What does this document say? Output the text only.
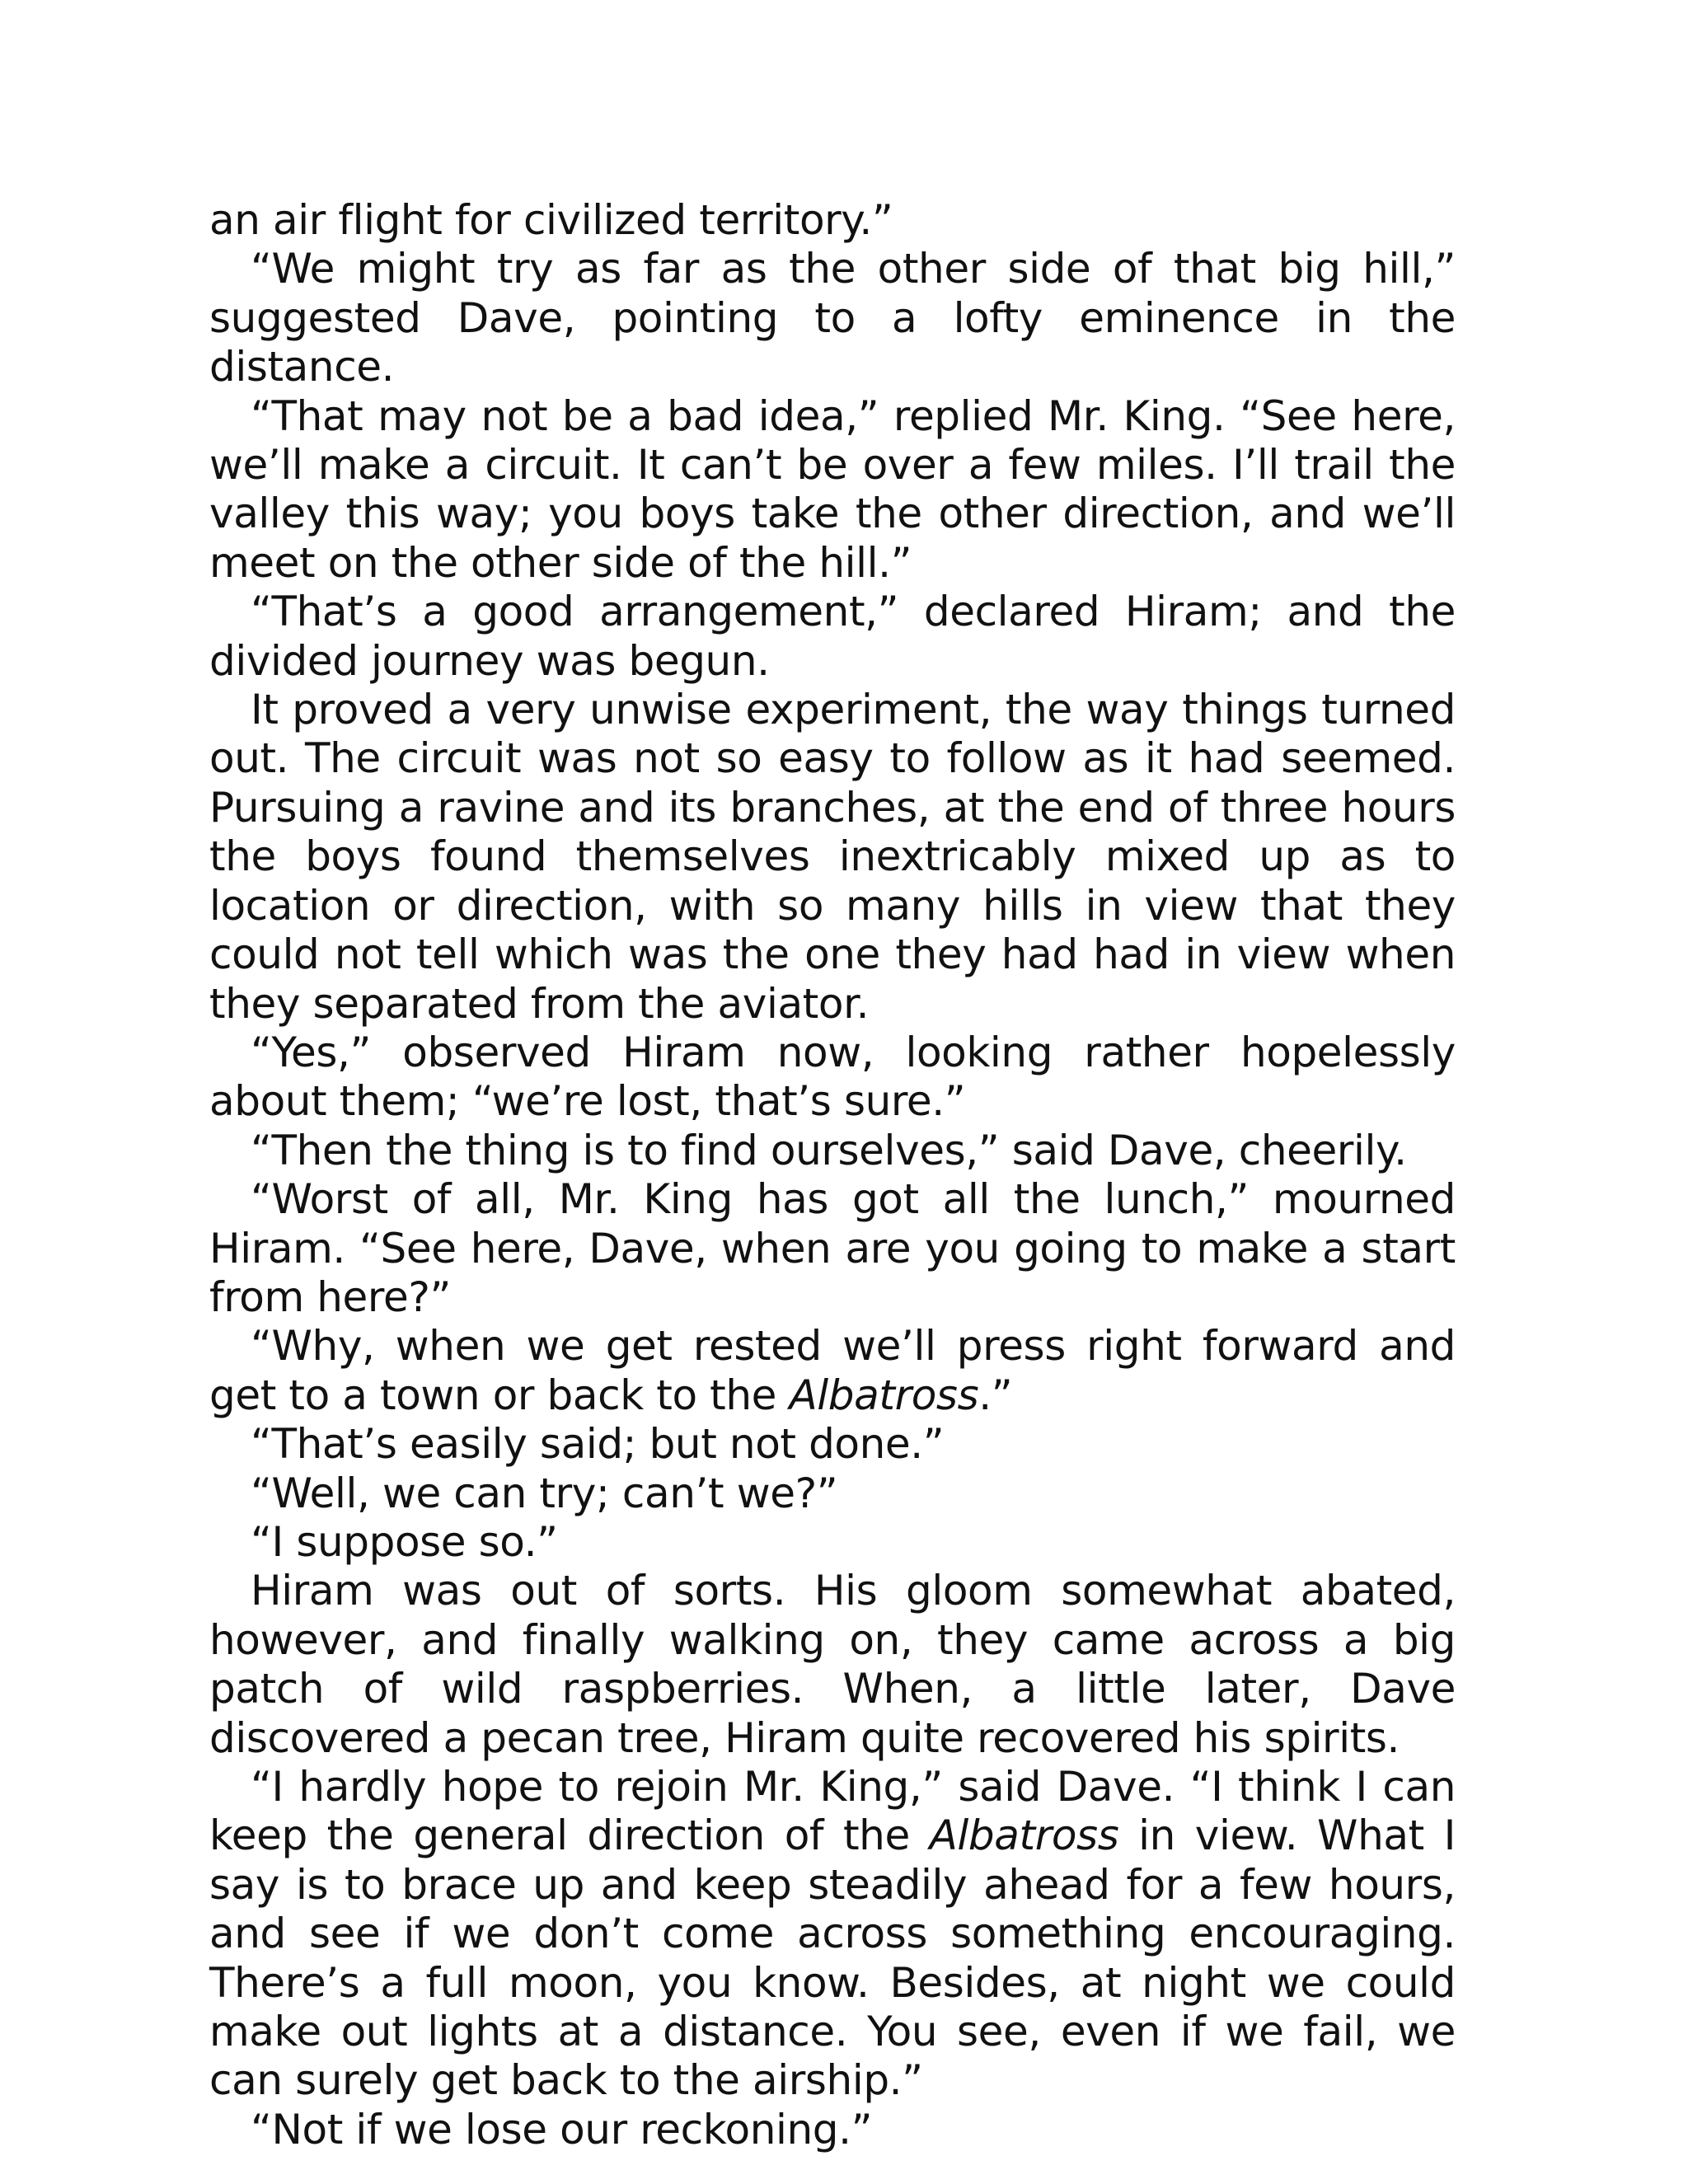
an air flight for civilized territory.”

“We might try as far as the other side of that big hill,” suggested Dave, pointing to a lofty eminence in the distance.

“That may not be a bad idea,” replied Mr. King. “See here, we’ll make a circuit. It can’t be over a few miles. I’ll trail the valley this way; you boys take the other direction, and we’ll meet on the other side of the hill.”

“That’s a good arrangement,” declared Hiram; and the divided journey was begun.

It proved a very unwise experiment, the way things turned out. The circuit was not so easy to follow as it had seemed. Pursuing a ravine and its branches, at the end of three hours the boys found themselves inextricably mixed up as to location or direction, with so many hills in view that they could not tell which was the one they had had in view when they separated from the aviator.

“Yes,” observed Hiram now, looking rather hopelessly about them; “we’re lost, that’s sure.”

“Then the thing is to find ourselves,” said Dave, cheerily.

“Worst of all, Mr. King has got all the lunch,” mourned Hiram. “See here, Dave, when are you going to make a start from here?”

“Why, when we get rested we’ll press right forward and get to a town or back to the Albatross.”

“That’s easily said; but not done.”

“Well, we can try; can’t we?”

“I suppose so.”

Hiram was out of sorts. His gloom somewhat abated, however, and finally walking on, they came across a big patch of wild raspberries. When, a little later, Dave discovered a pecan tree, Hiram quite recovered his spirits.

“I hardly hope to rejoin Mr. King,” said Dave. “I think I can keep the general direction of the Albatross in view. What I say is to brace up and keep steadily ahead for a few hours, and see if we don’t come across something encouraging. There’s a full moon, you know. Besides, at night we could make out lights at a distance. You see, even if we fail, we can surely get back to the airship.”

“Not if we lose our reckoning.”
